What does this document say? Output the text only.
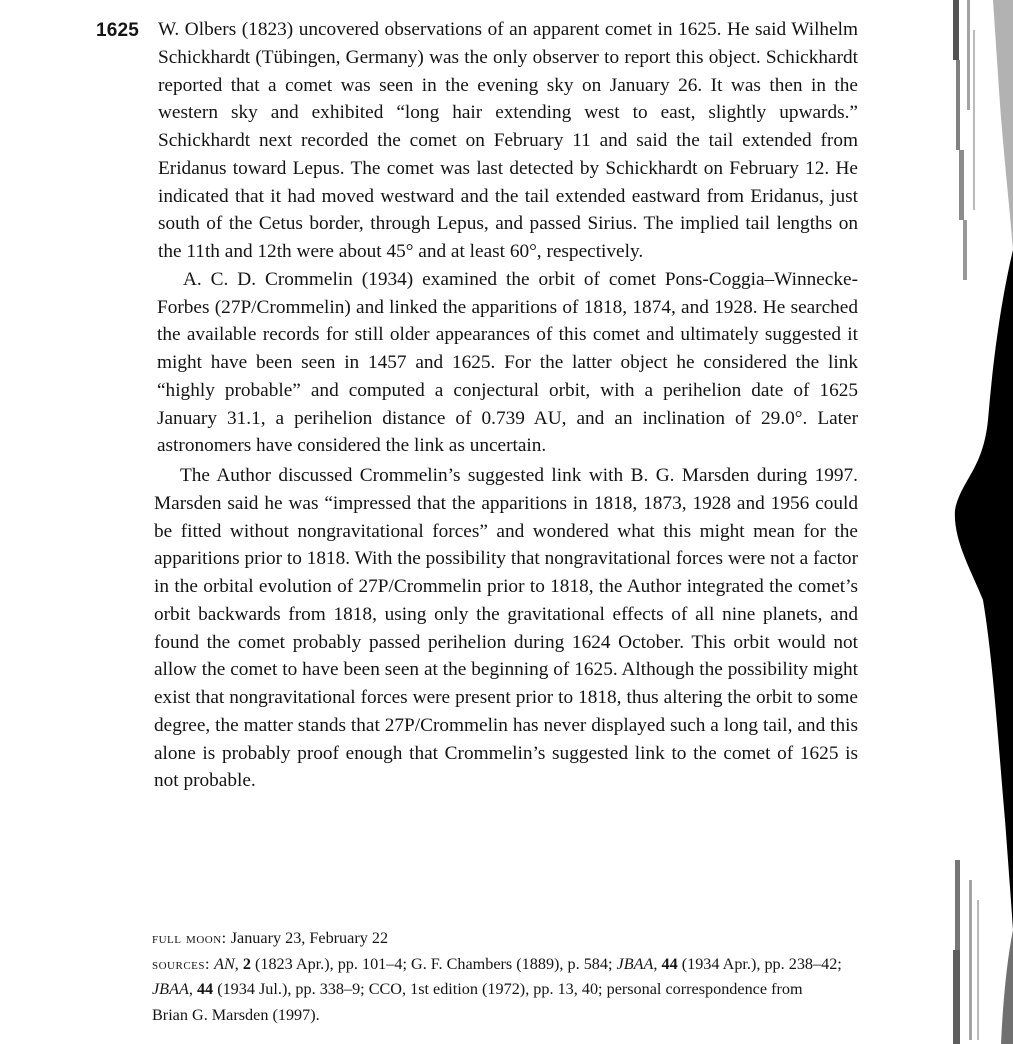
1625 W. Olbers (1823) uncovered observations of an apparent comet in 1625. He said Wilhelm Schickhardt (Tübingen, Germany) was the only observer to report this object. Schickhardt reported that a comet was seen in the evening sky on January 26. It was then in the western sky and exhibited “long hair extending west to east, slightly upwards.” Schickhardt next recorded the comet on February 11 and said the tail extended from Eridanus toward Lepus. The comet was last detected by Schickhardt on February 12. He indicated that it had moved westward and the tail extended eastward from Eridanus, just south of the Cetus border, through Lepus, and passed Sirius. The implied tail lengths on the 11th and 12th were about 45° and at least 60°, respectively.

A. C. D. Crommelin (1934) examined the orbit of comet Pons-Coggia–Winnecke-Forbes (27P/Crommelin) and linked the apparitions of 1818, 1874, and 1928. He searched the available records for still older appearances of this comet and ultimately suggested it might have been seen in 1457 and 1625. For the latter object he considered the link “highly probable” and computed a conjectural orbit, with a perihelion date of 1625 January 31.1, a perihelion distance of 0.739 AU, and an inclination of 29.0°. Later astronomers have considered the link as uncertain.

The Author discussed Crommelin’s suggested link with B. G. Marsden during 1997. Marsden said he was “impressed that the apparitions in 1818, 1873, 1928 and 1956 could be fitted without nongravitational forces” and wondered what this might mean for the apparitions prior to 1818. With the possibility that nongravitational forces were not a factor in the orbital evolution of 27P/Crommelin prior to 1818, the Author integrated the comet’s orbit backwards from 1818, using only the gravitational effects of all nine planets, and found the comet probably passed perihelion during 1624 October. This orbit would not allow the comet to have been seen at the beginning of 1625. Although the possibility might exist that nongravitational forces were present prior to 1818, thus altering the orbit to some degree, the matter stands that 27P/Crommelin has never displayed such a long tail, and this alone is probably proof enough that Crommelin’s suggested link to the comet of 1625 is not probable.

full moon: January 23, February 22

sources: AN, 2 (1823 Apr.), pp. 101–4; G. F. Chambers (1889), p. 584; JBAA, 44 (1934 Apr.), pp. 238–42; JBAA, 44 (1934 Jul.), pp. 338–9; CCO, 1st edition (1972), pp. 13, 40; personal correspondence from Brian G. Marsden (1997).
